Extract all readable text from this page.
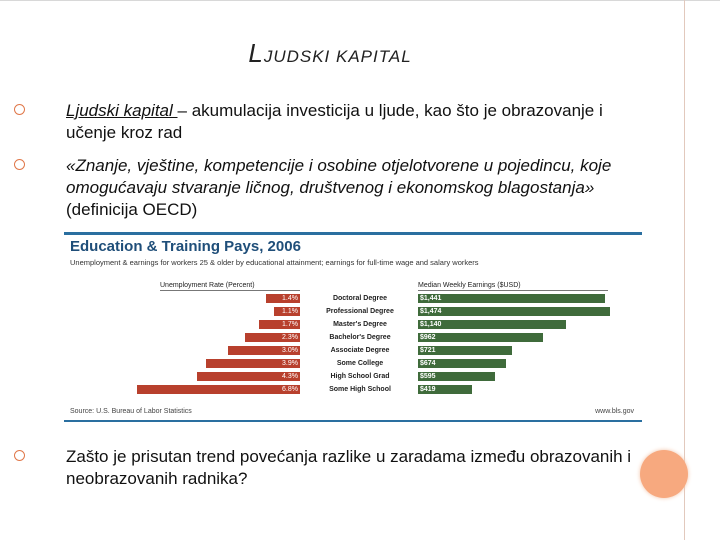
LJUDSKI KAPITAL
Ljudski kapital – akumulacija investicija u ljude, kao što je obrazovanje i učenje kroz rad
«Znanje, vještine, kompetencije i osobine otjelotvorene u pojedincu, koje omogućavaju stvaranje ličnog, društvenog i ekonomskog blagostanja» (definicija OECD)
Education & Training Pays, 2006
Unemployment & earnings for workers 25 & older by educational attainment; earnings for full-time wage and salary workers
Unemployment Rate (Percent)	Median Weekly Earnings ($USD)
1.4%	Doctoral Degree	$1,441
1.1%	Professional Degree	$1,474
1.7%	Master's Degree	$1,140
2.3%	Bachelor's Degree	$962
3.0%	Associate Degree	$721
3.9%	Some College	$674
4.3%	High School Grad	$595
6.8%	Some High School	$419
Source: U.S. Bureau of Labor Statistics	www.bls.gov
Zašto je prisutan trend povećanja razlike u zaradama između obrazovanih i neobrazovanih radnika?
